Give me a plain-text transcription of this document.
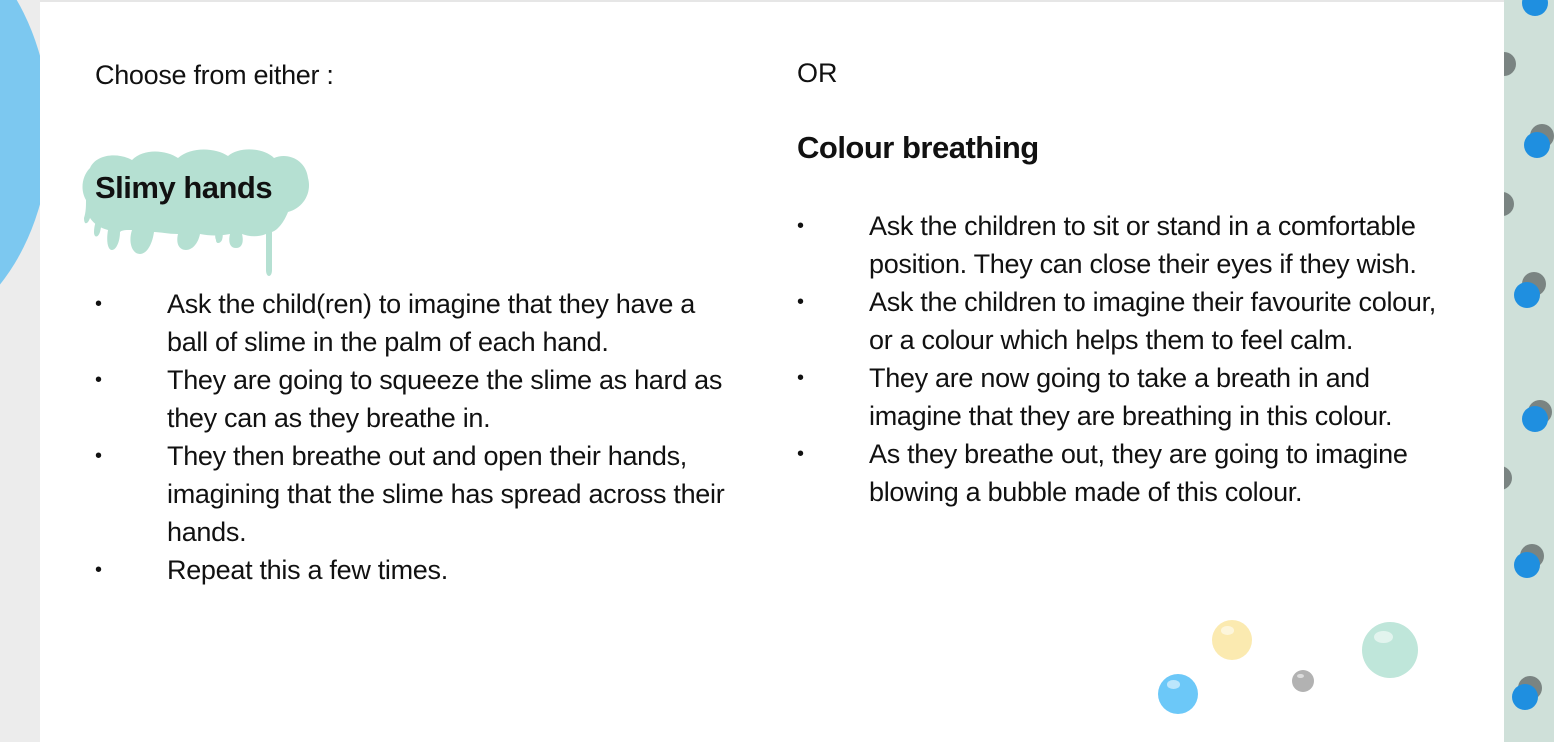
Choose from either :	OR
Slimy hands
• Ask the child(ren) to imagine that they have a ball of slime in the palm of each hand.
• They are going to squeeze the slime as hard as they can as they breathe in.
• They then breathe out and open their hands, imagining that the slime has spread across their hands.
• Repeat this a few times.
Colour breathing
• Ask the children to sit or stand in a comfortable position. They can close their eyes if they wish.
• Ask the children to imagine their favourite colour, or a colour which helps them to feel calm.
• They are now going to take a breath in and imagine that they are breathing in this colour.
• As they breathe out, they are going to imagine blowing a bubble made of this colour.
